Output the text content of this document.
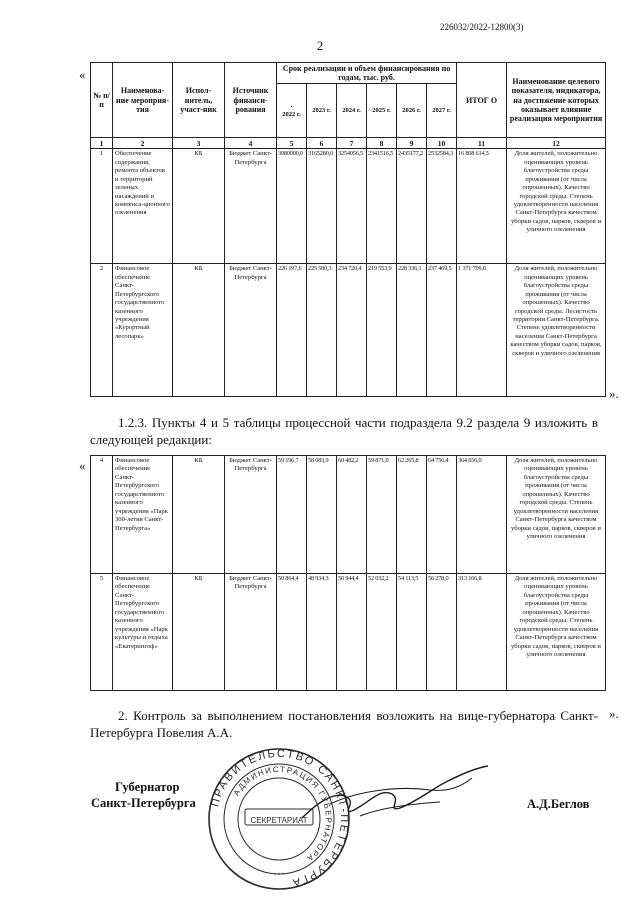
226032/2022-12800(3)
2
«
№ п/п	Наименова-ние мероприя-тия	Испол-нитель, участ-ник	Источник финанси-рования	Срок реализации и объем финансирования по годам, тыс. руб.						ИТОГ О	Наименование целевого показателя, индикатора, на достижение которых оказывает влияние реализация мероприятия

				·
2022 г.	2023 г.	2024 г.	2025 г.	2026 г.	2027 г.		
1	2	3	4	5	6	7	8	9	10	11	12
1	Обеспечение содержания, ремонта объектов и территорий зеленых насаждений и компенса-ционного озеленения	КБ	Бюджет Санкт-Петербурга	3080000,0	3165280,0	3254056,5	2341516,5	2435177,2	2532584,3	16 808 614,5	Доля жителей, положительно оценивающих уровень благоустройства среды проживания (от числа опрошенных). Качество городской среды. Степень удовлетворенности населения Санкт-Петербурга качеством уборки садов, парков, скверов и уличного озеленения
2	Финансовое обеспечение Санкт-Петербургского государственного казенного учреждения «Курортный лесопарк»	КБ	Бюджет Санкт-Петербурга	226 197,6	225 580,3	234 720,4	219 553,9	228 336,1	237 469,5	1 371 799,8	Доля жителей, положительно оценивающих уровень благоустройства среды проживания (от числа опрошенных). Качество городской среды. Лесистость территории Санкт-Петербурга. Степень удовлетворенности населения Санкт-Петербурга качеством уборки садов, парков, скверов и уличного озеленения
».
1.2.3. Пункты 4 и 5 таблицы процессной части подраздела 9.2 раздела 9 изложить в следующей редакции:
« 4	Финансовое обеспечение Санкт-Петербургского государственного казенного учреждения «Парк 300-летия Санкт-Петербурга»	КБ	Бюджет Санкт-Петербурга	59 196,7	58 083,9	60 482,2	59 871,0	62 265,8	64 756,4	364 656,0	Доля жителей, положительно оценивающих уровень благоустройства среды проживания (от числа опрошенных). Качество городской среды. Степень удовлетворенности населения Санкт-Петербурга качеством уборки садов, парков, скверов и уличного озеленения
5	Финансовое обеспечение Санкт-Петербургского государственного казенного учреждения «Парк культуры и отдыха «Екатерингоф»	КБ	Бюджет Санкт-Петербурга	50 864,4	48 934,3	50 944,4	52 032,2	54 113,5	56 278,0	313 166,8	Доля жителей, положительно оценивающих уровень благоустройства среды проживания (от числа опрошенных). Качество городской среды. Степень удовлетворенности населения Санкт-Петербурга качеством уборки садов, парков, скверов и уличного озеленения
».
2. Контроль за выполнением постановления возложить на вице-губернатора Санкт-Петербурга Повелия А.А.
ПРАВИТЕЛЬСТВО САНКТ-ПЕТЕРБУРГА
АДМИНИСТРАЦИЯ ГУБЕРНАТОРА
СЕКРЕТАРИАТ
* * *
Губернатор
Санкт-Петербурга	А.Д.Беглов
